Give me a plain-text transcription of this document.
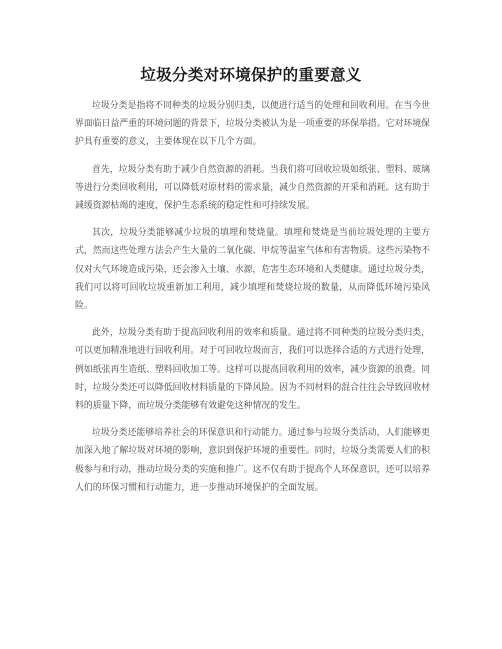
垃圾分类对环境保护的重要意义

垃圾分类是指将不同种类的垃圾分别归类，以便进行适当的处理和回收利用。在当今世界面临日益严重的环境问题的背景下，垃圾分类被认为是一项重要的环保举措。它对环境保护具有重要的意义，主要体现在以下几个方面。

首先，垃圾分类有助于减少自然资源的消耗。当我们将可回收垃圾如纸张、塑料、玻璃等进行分类回收利用，可以降低对原材料的需求量，减少自然资源的开采和消耗。这有助于减缓资源枯竭的速度，保护生态系统的稳定性和可持续发展。

其次，垃圾分类能够减少垃圾的填埋和焚烧量。填埋和焚烧是当前垃圾处理的主要方式，然而这些处理方法会产生大量的二氧化碳、甲烷等温室气体和有害物质。这些污染物不仅对大气环境造成污染，还会渗入土壤、水源，危害生态环境和人类健康。通过垃圾分类，我们可以将可回收垃圾重新加工利用，减少填埋和焚烧垃圾的数量，从而降低环境污染风险。

此外，垃圾分类有助于提高回收利用的效率和质量。通过将不同种类的垃圾分类归类，可以更加精准地进行回收利用。对于可回收垃圾而言，我们可以选择合适的方式进行处理，例如纸张再生造纸、塑料回收加工等。这样可以提高回收利用的效率，减少资源的浪费。同时，垃圾分类还可以降低回收材料质量的下降风险。因为不同材料的混合往往会导致回收材料的质量下降，而垃圾分类能够有效避免这种情况的发生。

垃圾分类还能够培养社会的环保意识和行动能力。通过参与垃圾分类活动，人们能够更加深入地了解垃圾对环境的影响，意识到保护环境的重要性。同时，垃圾分类需要人们的积极参与和行动，推动垃圾分类的实施和推广。这不仅有助于提高个人环保意识，还可以培养人们的环保习惯和行动能力，进一步推动环境保护的全面发展。
